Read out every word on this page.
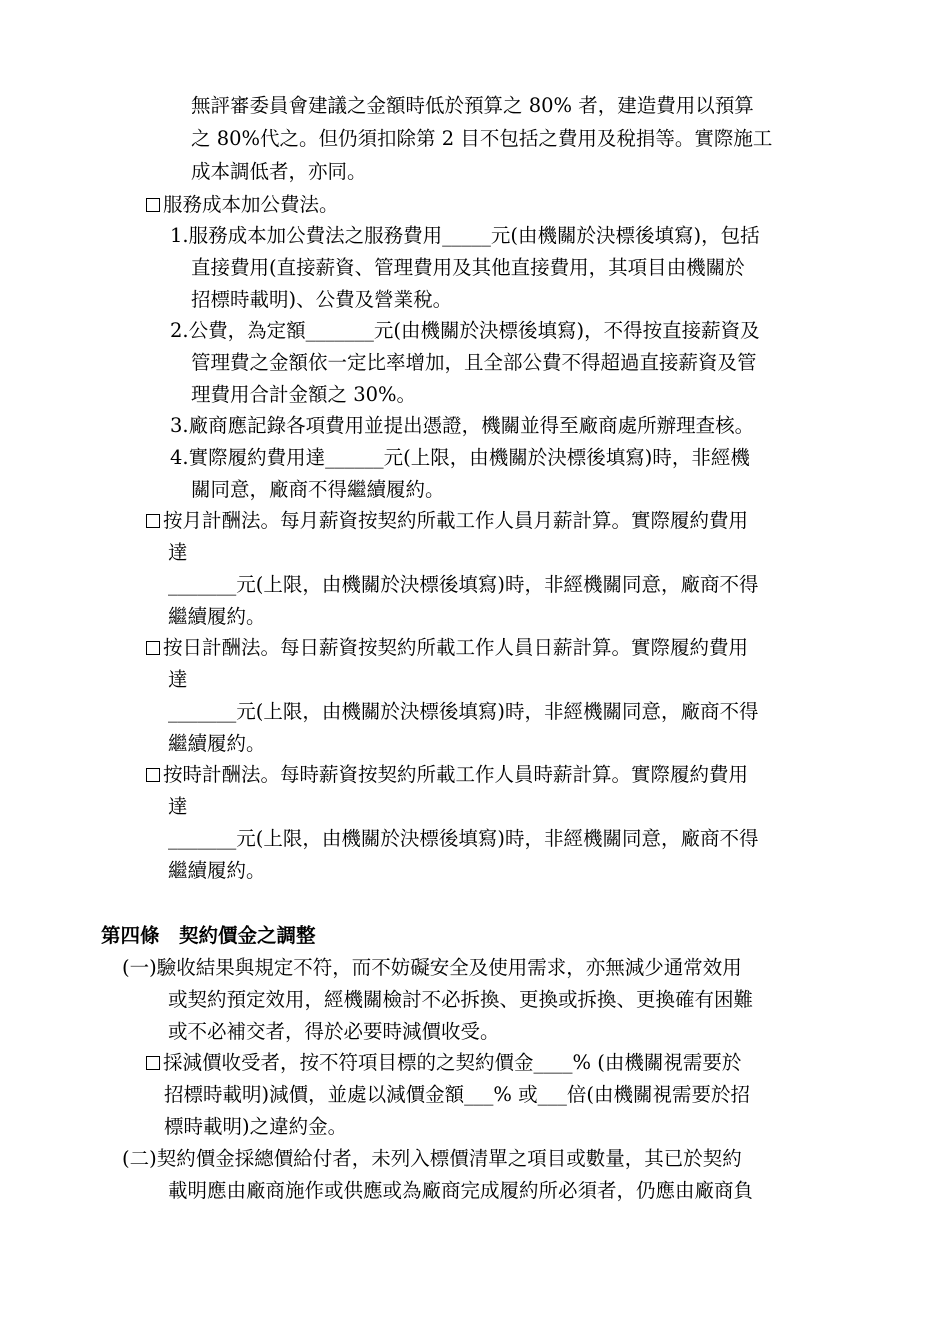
無評審委員會建議之金額時低於預算之 80% 者，建造費用以預算
之 80%代之。但仍須扣除第 2 目不包括之費用及稅捐等。實際施工
成本調低者，亦同。
服務成本加公費法。
1.服務成本加公費法之服務費用_____元(由機關於決標後填寫)，包括
直接費用(直接薪資、管理費用及其他直接費用，其項目由機關於
招標時載明)、公費及營業稅。
2.公費，為定額_______元(由機關於決標後填寫)，不得按直接薪資及
管理費之金額依一定比率增加，且全部公費不得超過直接薪資及管
理費用合計金額之 30%。
3.廠商應記錄各項費用並提出憑證，機關並得至廠商處所辦理查核。
4.實際履約費用達______元(上限，由機關於決標後填寫)時，非經機
關同意，廠商不得繼續履約。
按月計酬法。每月薪資按契約所載工作人員月薪計算。實際履約費用
達
_______元(上限，由機關於決標後填寫)時，非經機關同意，廠商不得
繼續履約。
按日計酬法。每日薪資按契約所載工作人員日薪計算。實際履約費用
達
_______元(上限，由機關於決標後填寫)時，非經機關同意，廠商不得
繼續履約。
按時計酬法。每時薪資按契約所載工作人員時薪計算。實際履約費用
達
_______元(上限，由機關於決標後填寫)時，非經機關同意，廠商不得
繼續履約。
第四條　契約價金之調整
(一)驗收結果與規定不符，而不妨礙安全及使用需求，亦無減少通常效用
或契約預定效用，經機關檢討不必拆換、更換或拆換、更換確有困難
或不必補交者，得於必要時減價收受。
採減價收受者，按不符項目標的之契約價金____% (由機關視需要於
招標時載明)減價，並處以減價金額___% 或___倍(由機關視需要於招
標時載明)之違約金。
(二)契約價金採總價給付者，未列入標價清單之項目或數量，其已於契約
載明應由廠商施作或供應或為廠商完成履約所必須者，仍應由廠商負
